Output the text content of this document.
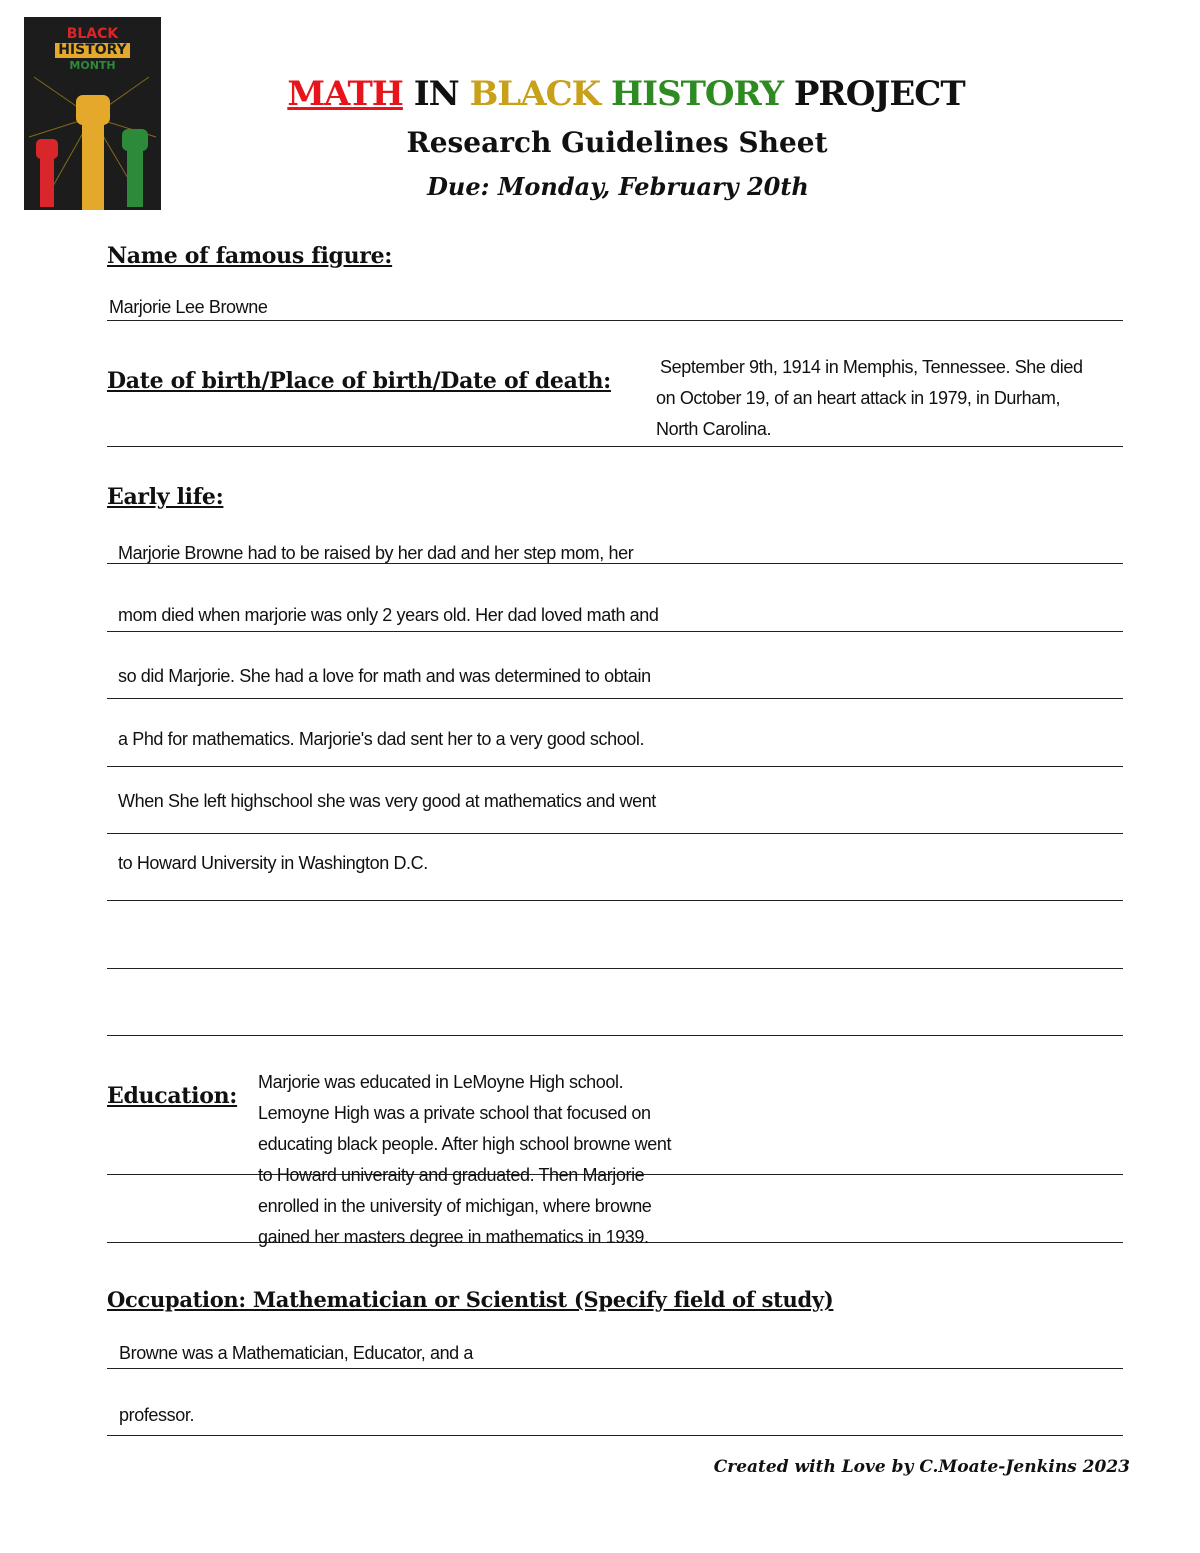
BLACK
HISTORY
MONTH
MATH IN BLACK HISTORY PROJECT
Research Guidelines Sheet
Due: Monday, February 20th
Name of famous figure:
Marjorie Lee Browne
Date of birth/Place of birth/Date of death:
September 9th, 1914 in Memphis, Tennessee. She died
on October 19, of an heart attack in 1979, in Durham,
North Carolina.
Early life:
Marjorie Browne had to be raised by her dad and her step mom, her
mom died when marjorie was only 2 years old. Her dad loved math and
so did Marjorie. She had a love for math and was determined to obtain
a Phd for mathematics. Marjorie's dad sent her to a very good school.
When She left highschool she was very good at mathematics and went
to Howard University in Washington D.C.
Education:
Marjorie was educated in LeMoyne High school.
Lemoyne High was a private school that focused on
educating black people. After high school browne went
to Howard univeraity and graduated. Then Marjorie
enrolled in the university of michigan, where browne
gained her masters degree in mathematics in 1939.
Occupation: Mathematician or Scientist (Specify field of study)
Browne was a Mathematician, Educator, and a
professor.
Created with Love by C.Moate-Jenkins 2023
